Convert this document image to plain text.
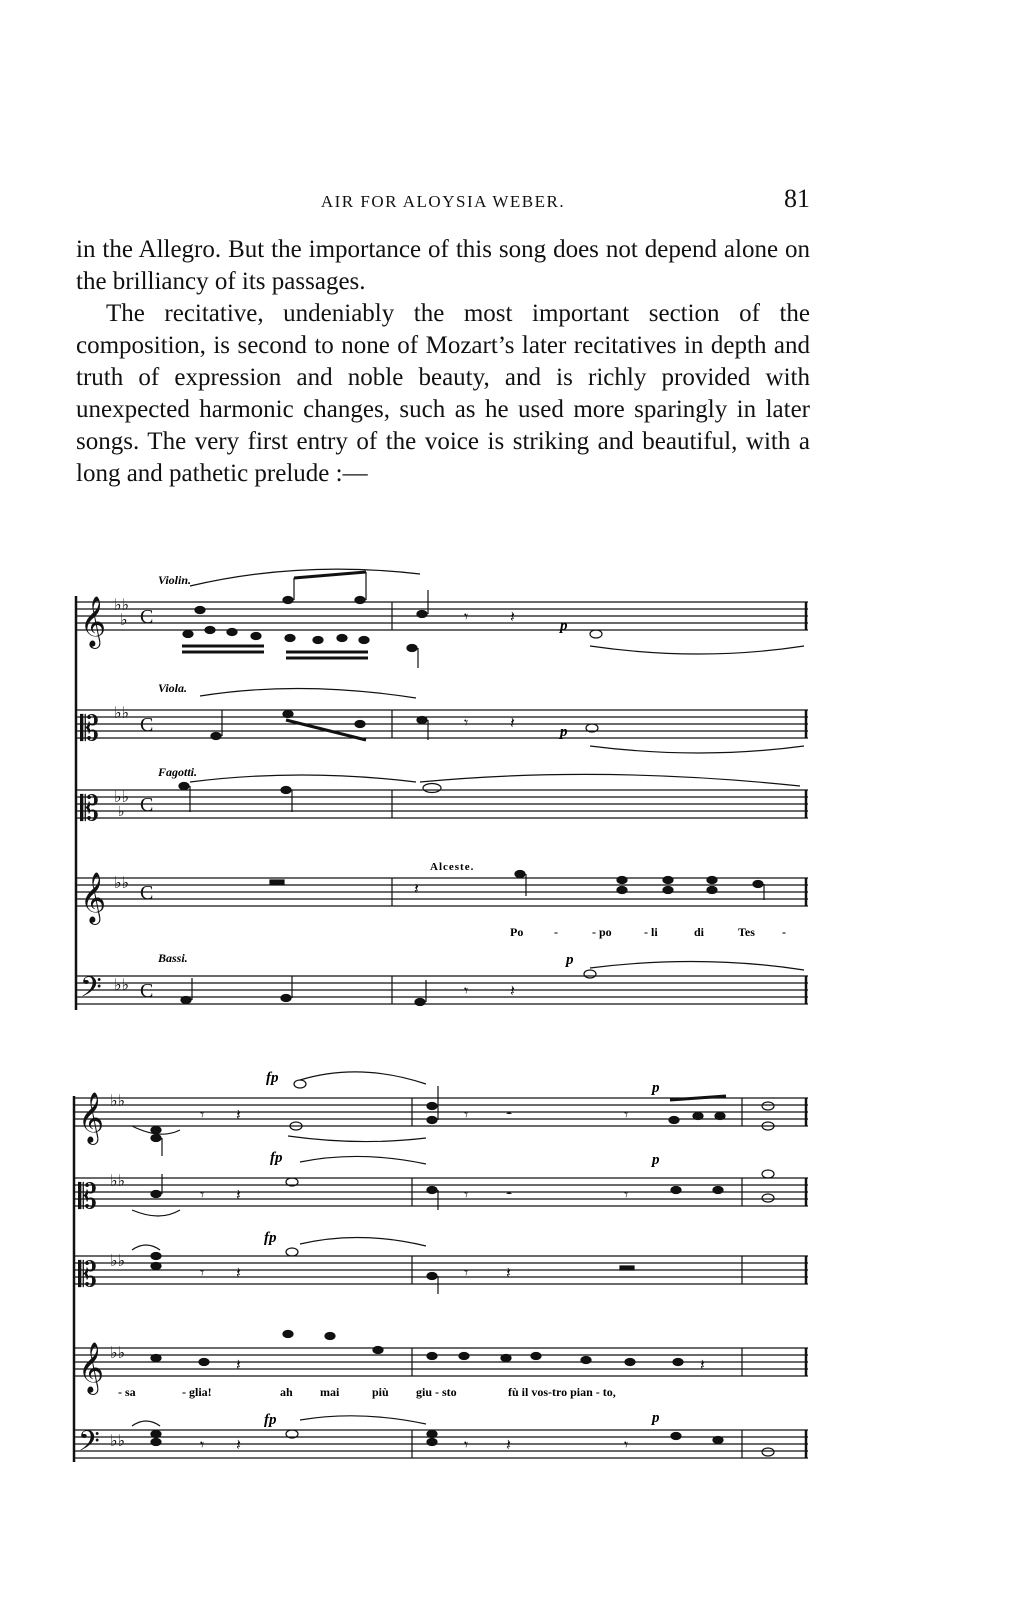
AIR FOR ALOYSIA WEBER.	81

in the Allegro. But the importance of this song does not depend alone on the brilliancy of its passages.

The recitative, undeniably the most important section of the composition, is second to none of Mozart’s later recitatives in depth and truth of expression and noble beauty, and is richly provided with unexpected harmonic changes, such as he used more sparingly in later songs. The very first entry of the voice is striking and beautiful, with a long and pathetic prelude :—

𝄞
𝄡
𝄡
𝄞
𝄢
♭♭
♭
♭♭
♭♭
♭
♭♭
♭♭
C
C
C
C
C
Violin.
Viola.
Fagotti.
Bassi.
Alceste.
𝄾	𝄽
𝄾	𝄽
𝄽
𝄾	𝄽
p
p
p
Po	-	- po	- li	di	Tes -
𝄞
𝄡
𝄡
𝄞
𝄢
♭♭
♭♭
♭♭
♭♭
♭♭
𝄾 𝄽	𝄾 𝄼	𝄾
𝄾 𝄽	𝄾 𝄼	𝄾
𝄾 𝄽	𝄾 𝄽
𝄽	𝄽
𝄾 𝄽	𝄾 𝄽	𝄾
fp
p
fp	p
fp
fp	p
- sa	- glia!	ah mai	più giu - sto	fù il vos-tro pian - to,
